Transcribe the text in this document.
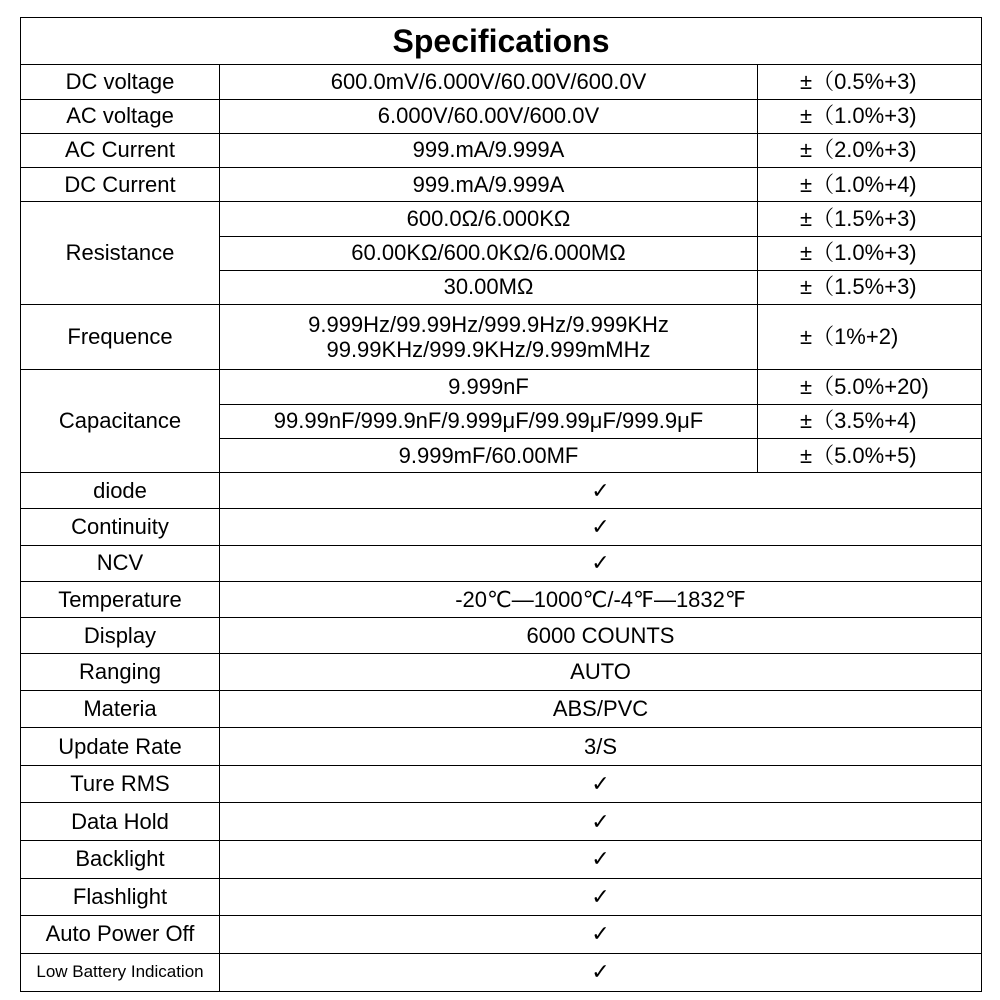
Specifications		
DC voltage	600.0mV/6.000V/60.00V/600.0V	±（0.5%+3)
AC voltage	6.000V/60.00V/600.0V	±（1.0%+3)
AC Current	999.mA/9.999A	±（2.0%+3)
DC Current	999.mA/9.999A	±（1.0%+4)
Resistance	600.0Ω/6.000KΩ	±（1.5%+3)
	60.00KΩ/600.0KΩ/6.000MΩ	±（1.0%+3)
	30.00MΩ	±（1.5%+3)
Frequence	9.999Hz/99.99Hz/999.9Hz/9.999KHz
99.99KHz/999.9KHz/9.999mMHz	±（1%+2)
Capacitance	9.999nF	±（5.0%+20)
	99.99nF/999.9nF/9.999μF/99.99μF/999.9μF	±（3.5%+4)
	9.999mF/60.00MF	±（5.0%+5)
diode	✓	
Continuity	✓	
NCV	✓	
Temperature	-20℃—1000℃/-4℉—1832℉	
Display	6000 COUNTS	
Ranging	AUTO	
Materia	ABS/PVC	
Update Rate	3/S	
Ture RMS	✓	
Data Hold	✓	
Backlight	✓	
Flashlight	✓	
Auto Power Off	✓	
Low Battery Indication	✓	
